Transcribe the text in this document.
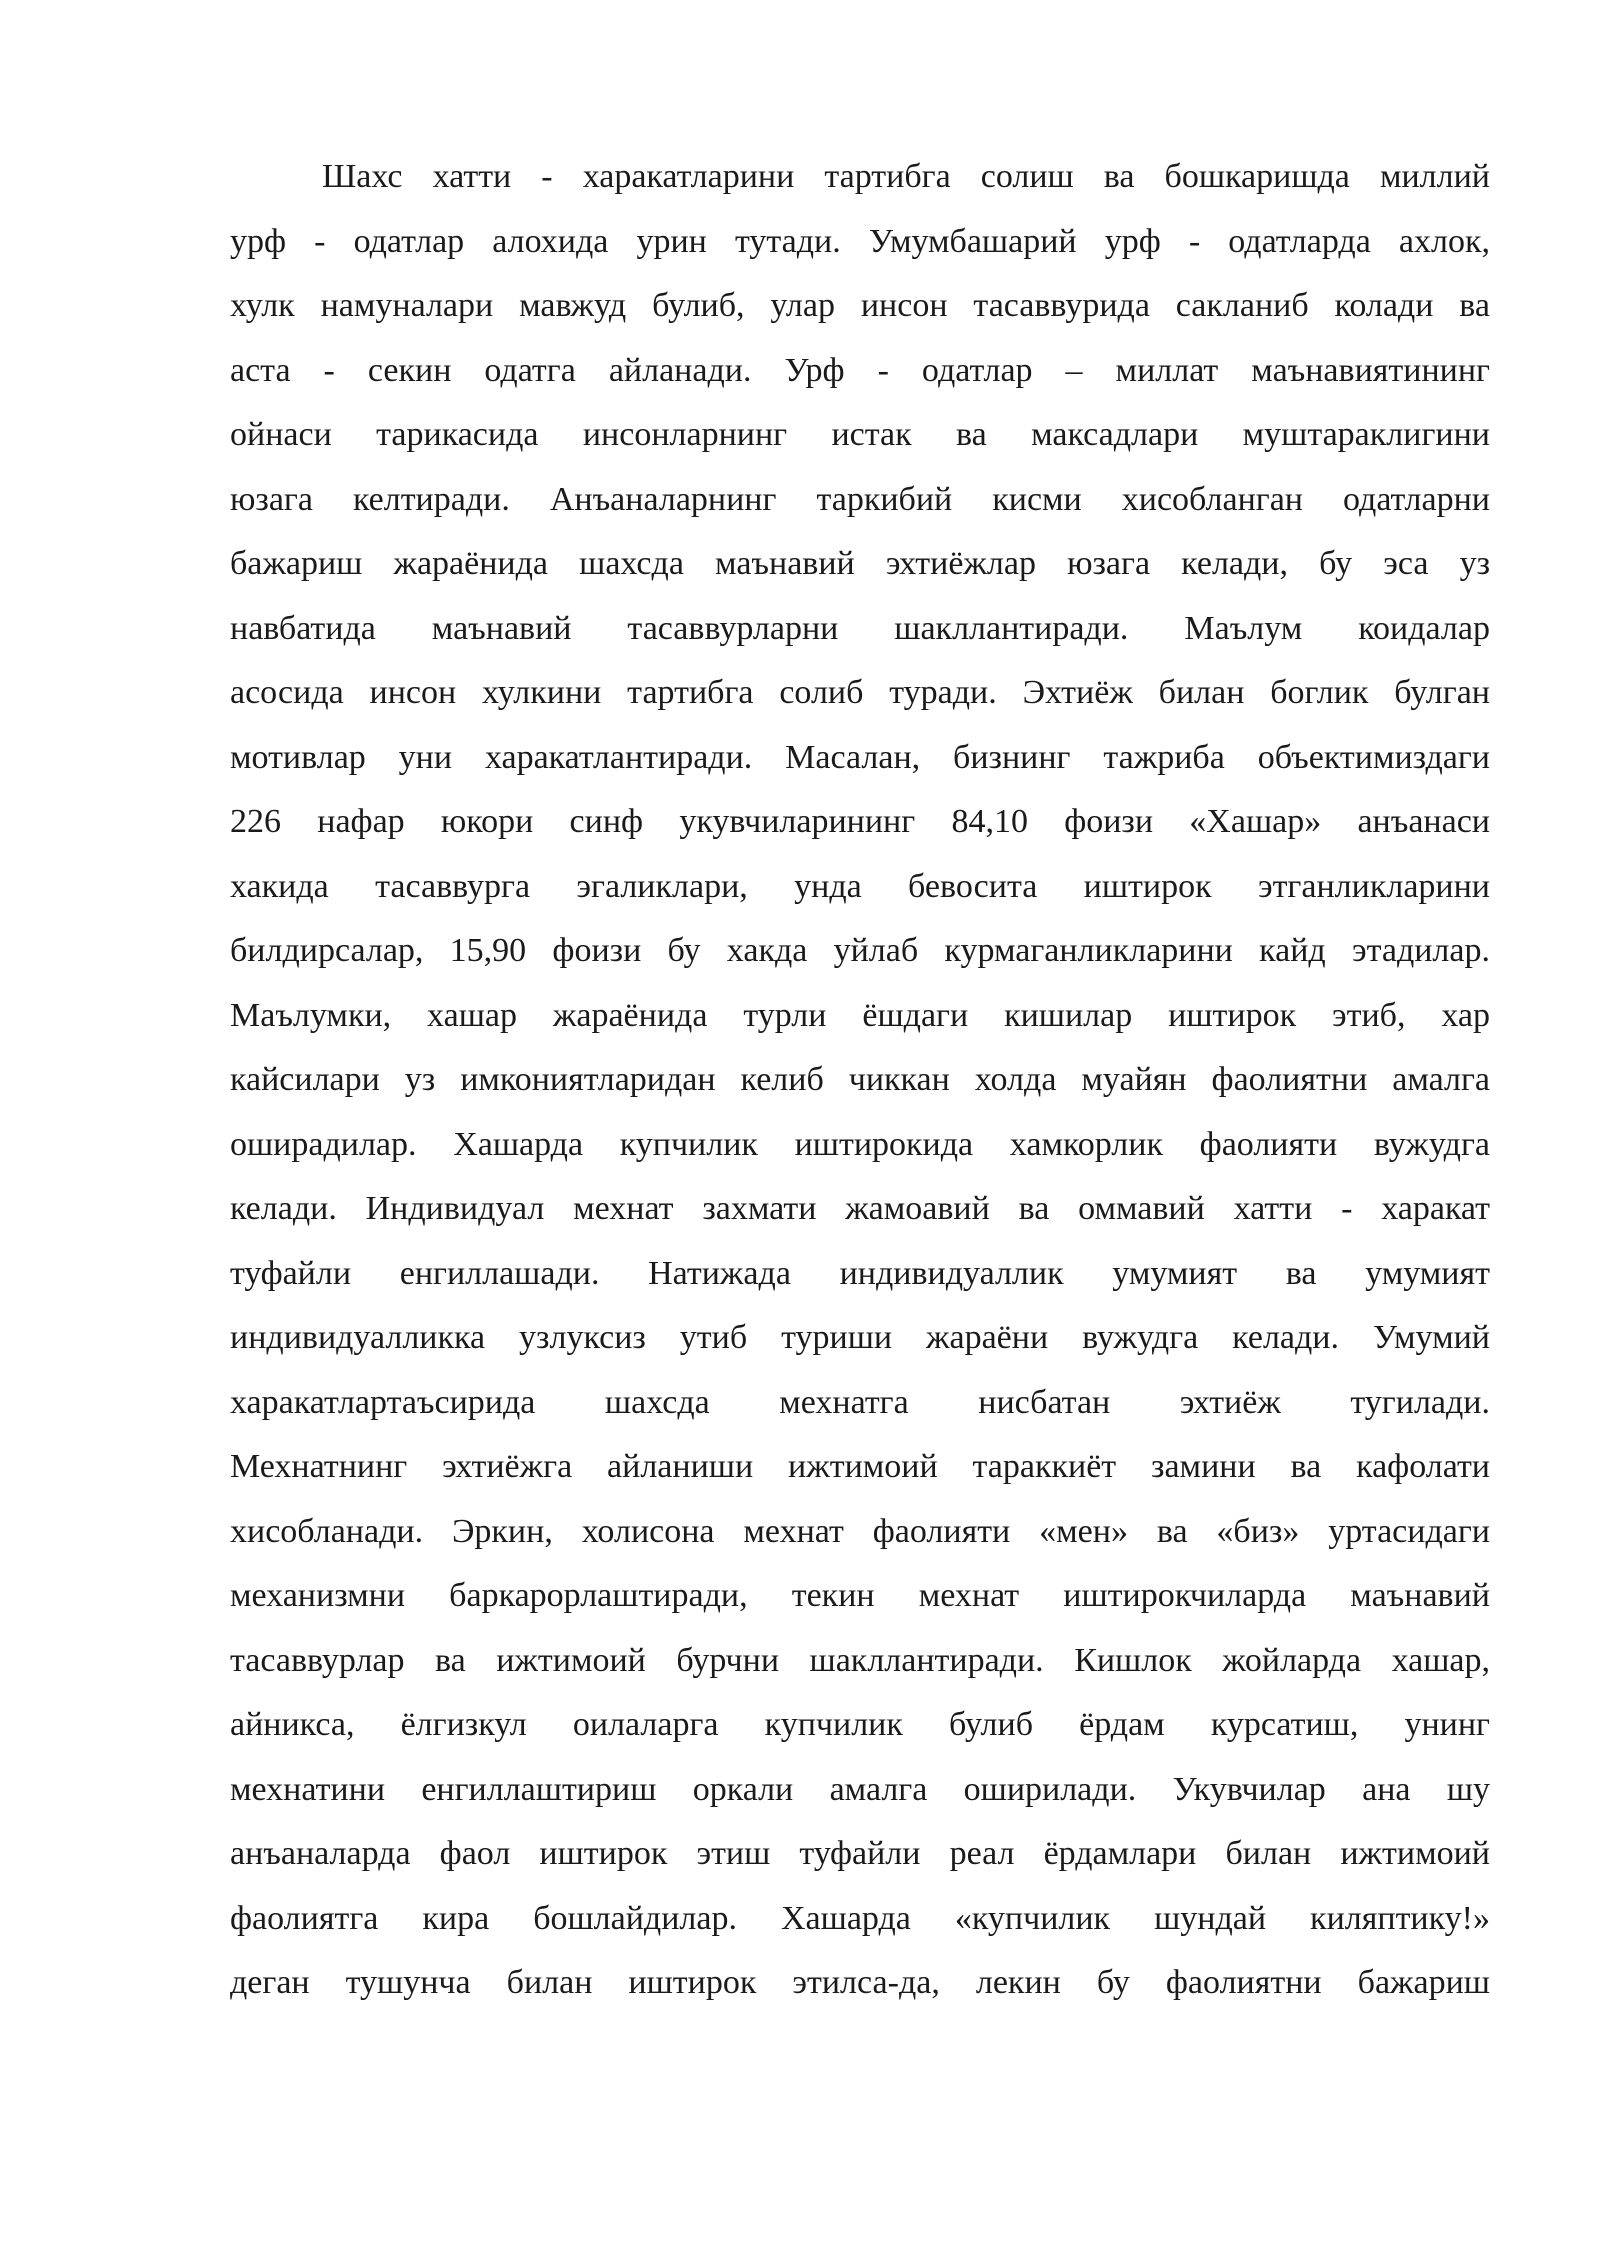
Шахс хатти - харакатларини тартибга солиш ва бошкаришда миллий
урф - одатлар алохида урин тутади. Умумбашарий урф - одатларда ахлок,
хулк намуналари мавжуд булиб, улар инсон тасаввурида сакланиб колади ва
аста - секин одатга айланади. Урф - одатлар – миллат маънавиятининг
ойнаси тарикасида инсонларнинг истак ва максадлари муштараклигини
юзага келтиради. Анъаналарнинг таркибий кисми хисобланган одатларни
бажариш жараёнида шахсда маънавий эхтиёжлар юзага келади, бу эса уз
навбатида маънавий тасаввурларни шакллантиради. Маълум коидалар
асосида инсон хулкини тартибга солиб туради. Эхтиёж билан боглик булган
мотивлар уни харакатлантиради. Масалан, бизнинг тажриба объектимиздаги
226 нафар юкори синф укувчиларининг 84,10 фоизи «Хашар» анъанаси
хакида тасаввурга эгаликлари, унда бевосита иштирок этганликларини
билдирсалар, 15,90 фоизи бу хакда уйлаб курмаганликларини кайд этадилар.
Маълумки, хашар жараёнида турли ёшдаги кишилар иштирок этиб, хар
кайсилари уз имкониятларидан келиб чиккан холда муайян фаолиятни амалга
оширадилар. Хашарда купчилик иштирокида хамкорлик фаолияти вужудга
келади. Индивидуал мехнат захмати жамоавий ва оммавий хатти - харакат
туфайли енгиллашади. Натижада индивидуаллик умумият ва умумият
индивидуалликка узлуксиз утиб туриши жараёни вужудга келади. Умумий
харакатлартаъсирида шахсда мехнатга нисбатан эхтиёж тугилади.
Мехнатнинг эхтиёжга айланиши ижтимоий тараккиёт замини ва кафолати
хисобланади. Эркин, холисона мехнат фаолияти «мен» ва «биз» уртасидаги
механизмни баркарорлаштиради, текин мехнат иштирокчиларда маънавий
тасаввурлар ва ижтимоий бурчни шакллантиради. Кишлок жойларда хашар,
айникса, ёлгизкул оилаларга купчилик булиб ёрдам курсатиш, унинг
мехнатини енгиллаштириш оркали амалга оширилади. Укувчилар ана шу
анъаналарда фаол иштирок этиш туфайли реал ёрдамлари билан ижтимоий
фаолиятга кира бошлайдилар. Хашарда «купчилик шундай киляптику!»
деган тушунча билан иштирок этилса-да, лекин бу фаолиятни бажариш
